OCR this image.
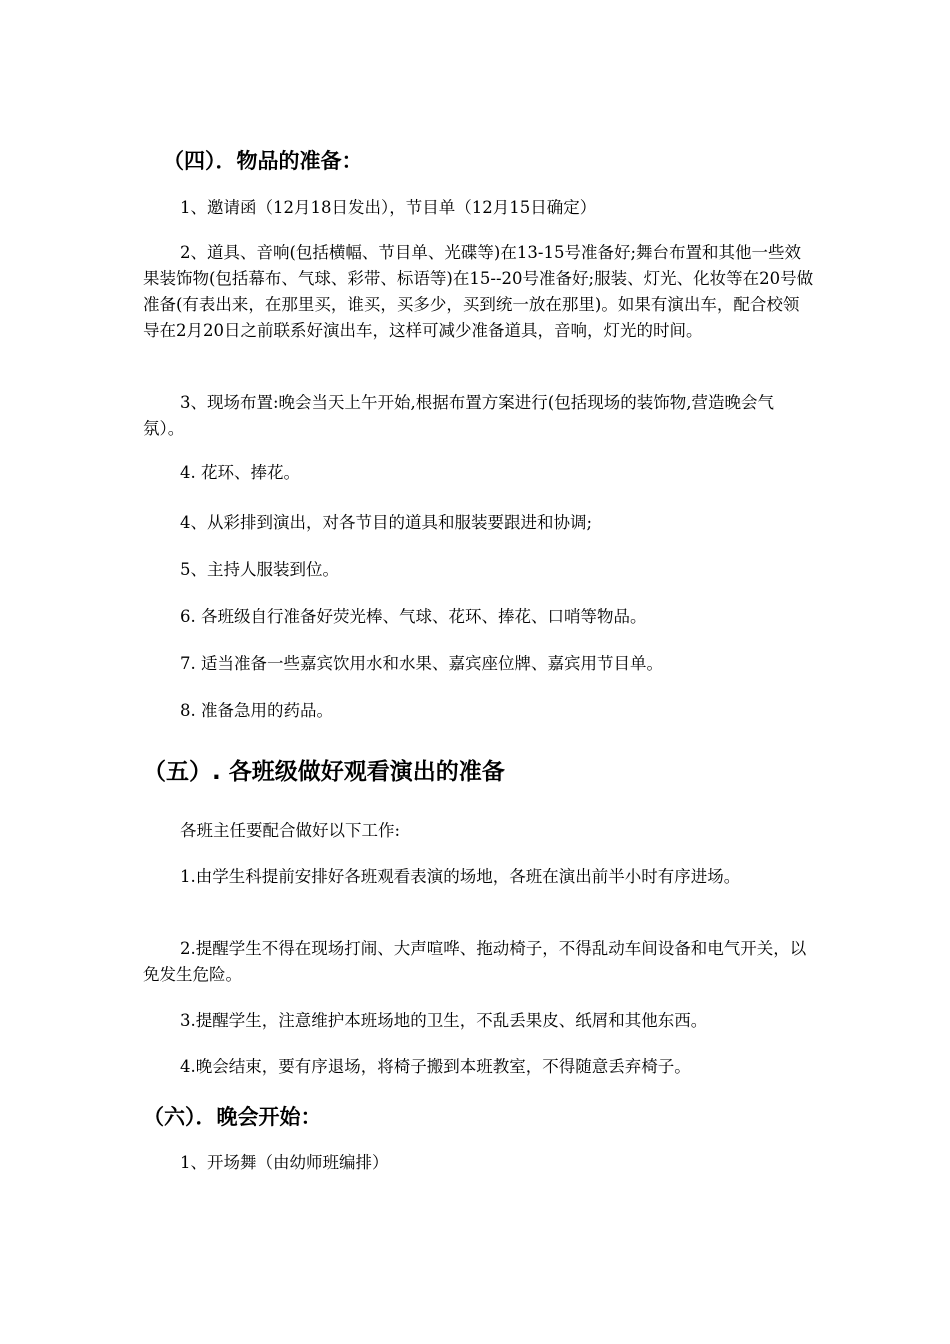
（四）．物品的准备：
1、邀请函（12月18日发出），节目单（12月15日确定）
2、道具、音响(包括横幅、节目单、光碟等)在13-15号准备好;舞台布置和其他一些效果装饰物(包括幕布、气球、彩带、标语等)在15--20号准备好;服装、灯光、化妆等在20号做准备(有表出来，在那里买，谁买，买多少，买到统一放在那里)。如果有演出车，配合校领导在2月20日之前联系好演出车，这样可减少准备道具，音响，灯光的时间。
3、现场布置:晚会当天上午开始,根据布置方案进行(包括现场的装饰物,营造晚会气氛）。
4. 花环、捧花。
4、从彩排到演出，对各节目的道具和服装要跟进和协调;
5、主持人服装到位。
6. 各班级自行准备好荧光棒、气球、花环、捧花、口哨等物品。
7. 适当准备一些嘉宾饮用水和水果、嘉宾座位牌、嘉宾用节目单。
8. 准备急用的药品。
（五）. 各班级做好观看演出的准备
各班主任要配合做好以下工作:
1.由学生科提前安排好各班观看表演的场地，各班在演出前半小时有序进场。
2.提醒学生不得在现场打闹、大声喧哗、拖动椅子，不得乱动车间设备和电气开关，以免发生危险。
3.提醒学生，注意维护本班场地的卫生，不乱丢果皮、纸屑和其他东西。
4.晚会结束，要有序退场，将椅子搬到本班教室，不得随意丢弃椅子。
（六）．晚会开始：
1、开场舞（由幼师班编排）
